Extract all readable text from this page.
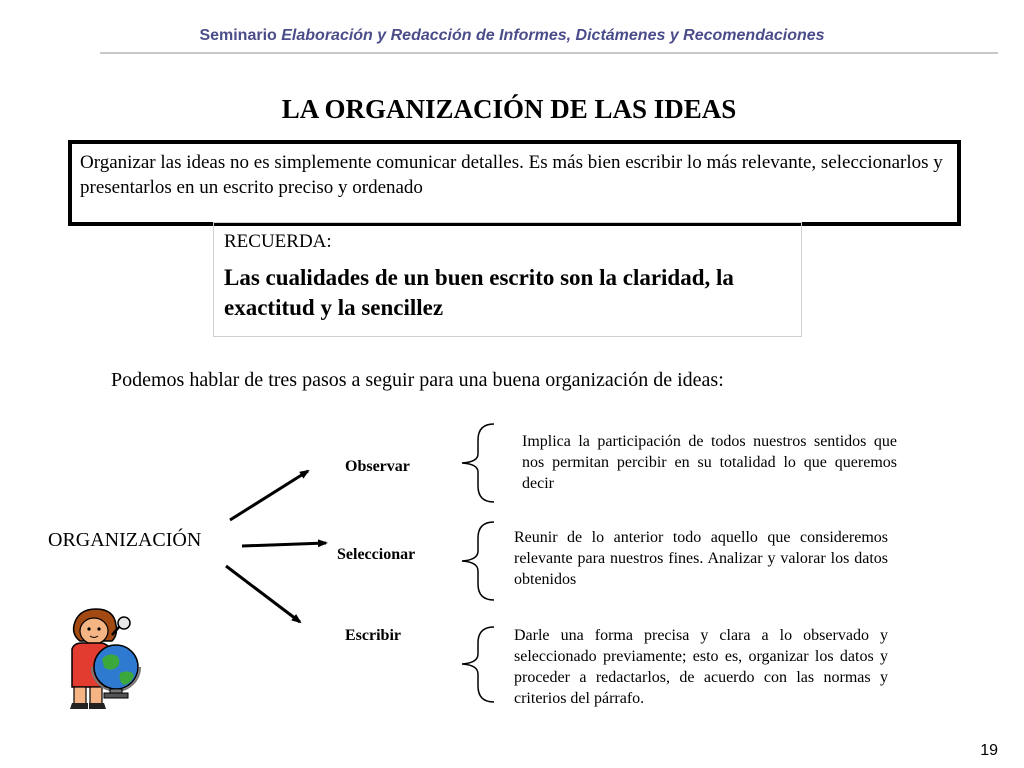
Seminario Elaboración y Redacción de Informes, Dictámenes y Recomendaciones
LA ORGANIZACIÓN DE LAS IDEAS
Organizar las ideas no es simplemente comunicar detalles. Es más bien escribir lo más relevante, seleccionarlos y presentarlos en un escrito preciso y ordenado
RECUERDA:
Las cualidades de un buen escrito son la claridad, la exactitud y la sencillez
Podemos hablar de tres pasos a seguir para una buena organización de ideas:
ORGANIZACIÓN
Observar
Seleccionar
Escribir
Implica la participación de todos nuestros sentidos que nos permitan percibir en su totalidad lo que queremos decir
Reunir de lo anterior todo aquello que consideremos relevante para nuestros fines. Analizar y valorar los datos obtenidos
Darle una forma precisa y clara a lo observado y seleccionado previamente; esto es, organizar los datos y proceder a redactarlos, de acuerdo con las normas y criterios del párrafo.
19
